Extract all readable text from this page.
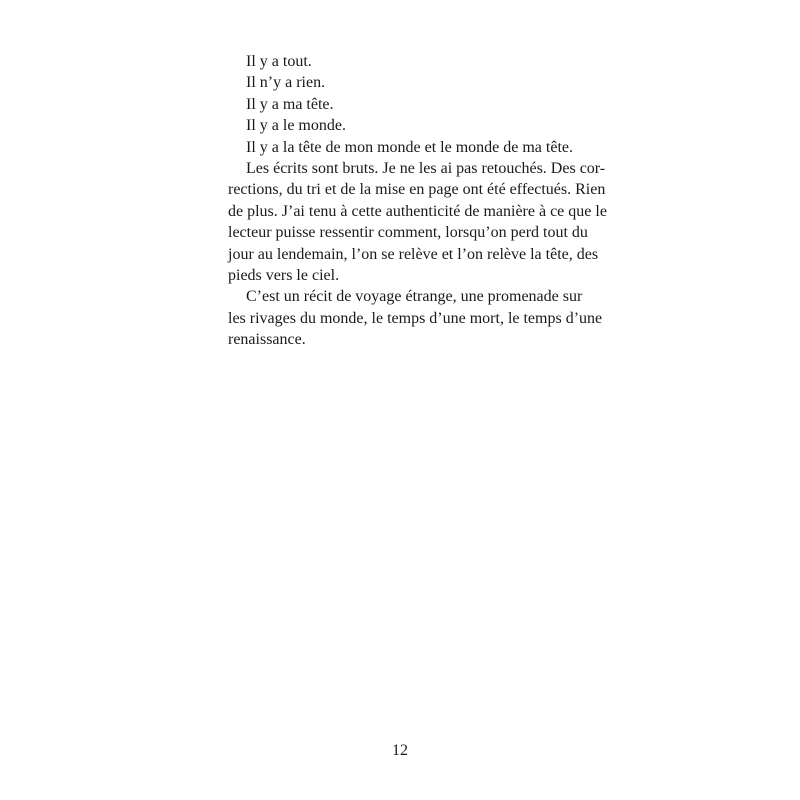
Il y a tout.
Il n’y a rien.
Il y a ma tête.
Il y a le monde.
Il y a la tête de mon monde et le monde de ma tête.
Les écrits sont bruts. Je ne les ai pas retouchés. Des cor-
rections, du tri et de la mise en page ont été effectués. Rien
de plus. J’ai tenu à cette authenticité de manière à ce que le
lecteur puisse ressentir comment, lorsqu’on perd tout du
jour au lendemain, l’on se relève et l’on relève la tête, des
pieds vers le ciel.
C’est un récit de voyage étrange, une promenade sur
les rivages du monde, le temps d’une mort, le temps d’une
renaissance.
12
